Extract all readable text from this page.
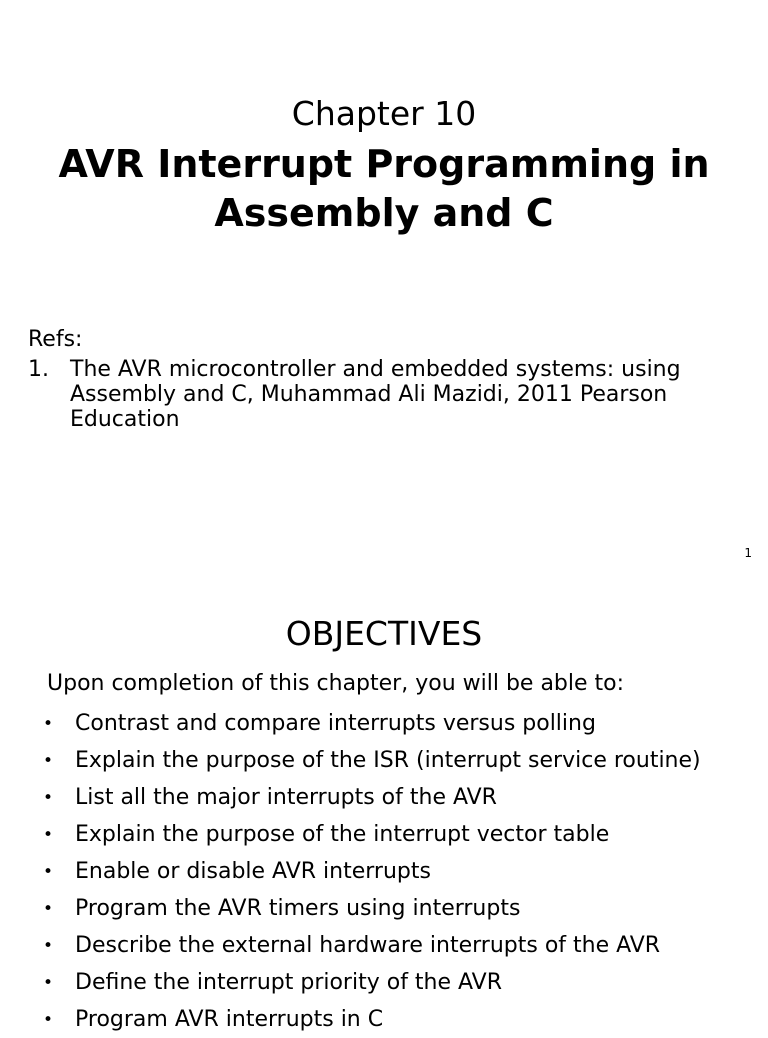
Chapter 10
AVR Interrupt Programming in Assembly and C
Refs:
1. The AVR microcontroller and embedded systems: using Assembly and C, Muhammad Ali Mazidi, 2011 Pearson Education
1
OBJECTIVES
Upon completion of this chapter, you will be able to:
• Contrast and compare interrupts versus polling
• Explain the purpose of the ISR (interrupt service routine)
• List all the major interrupts of the AVR
• Explain the purpose of the interrupt vector table
• Enable or disable AVR interrupts
• Program the AVR timers using interrupts
• Describe the external hardware interrupts of the AVR
• Define the interrupt priority of the AVR
• Program AVR interrupts in C
